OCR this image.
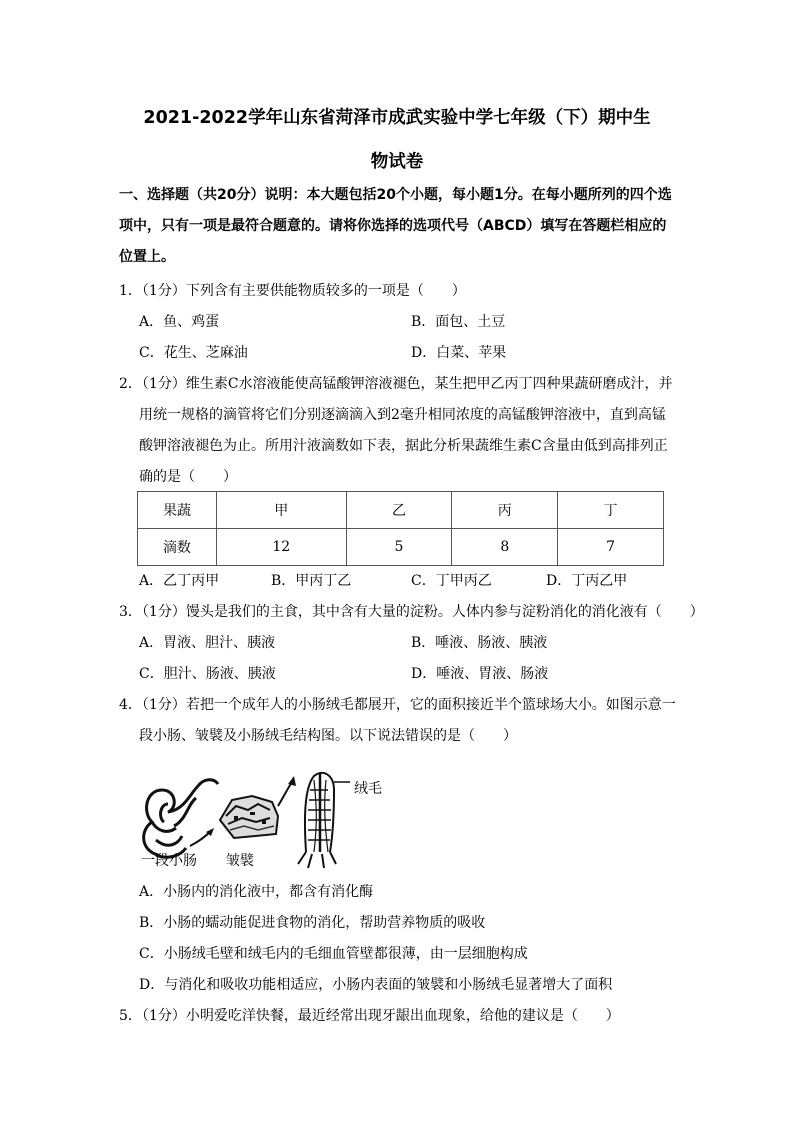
2021-2022学年山东省菏泽市成武实验中学七年级（下）期中生
物试卷
一、选择题（共20分）说明：本大题包括20个小题，每小题1分。在每小题所列的四个选项中，只有一项是最符合题意的。请将你选择的选项代号（ABCD）填写在答题栏相应的位置上。
1．（1分）下列含有主要供能物质较多的一项是（　　）
A．鱼、鸡蛋	B．面包、土豆
C．花生、芝麻油	D．白菜、苹果
2．（1分）维生素C水溶液能使高锰酸钾溶液褪色，某生把甲乙丙丁四种果蔬研磨成汁，并
用统一规格的滴管将它们分别逐滴滴入到2毫升相同浓度的高锰酸钾溶液中，直到高锰
酸钾溶液褪色为止。所用汁液滴数如下表，据此分析果蔬维生素C含量由低到高排列正
确的是（　　）
果蔬	甲	乙	丙	丁
滴数	12	5	8	7
A．乙丁丙甲	B．甲丙丁乙	C．丁甲丙乙	D．丁丙乙甲
3．（1分）馒头是我们的主食，其中含有大量的淀粉。人体内参与淀粉消化的消化液有（　　）
A．胃液、胆汁、胰液	B．唾液、肠液、胰液
C．胆汁、肠液、胰液	D．唾液、胃液、肠液
4．（1分）若把一个成年人的小肠绒毛都展开，它的面积接近半个篮球场大小。如图示意一
段小肠、皱襞及小肠绒毛结构图。以下说法错误的是（　　）
绒毛
一段小肠 皱襞
A．小肠内的消化液中，都含有消化酶
B．小肠的蠕动能促进食物的消化，帮助营养物质的吸收
C．小肠绒毛壁和绒毛内的毛细血管壁都很薄，由一层细胞构成
D．与消化和吸收功能相适应，小肠内表面的皱襞和小肠绒毛显著增大了面积
5．（1分）小明爱吃洋快餐，最近经常出现牙龈出血现象，给他的建议是（　　）
